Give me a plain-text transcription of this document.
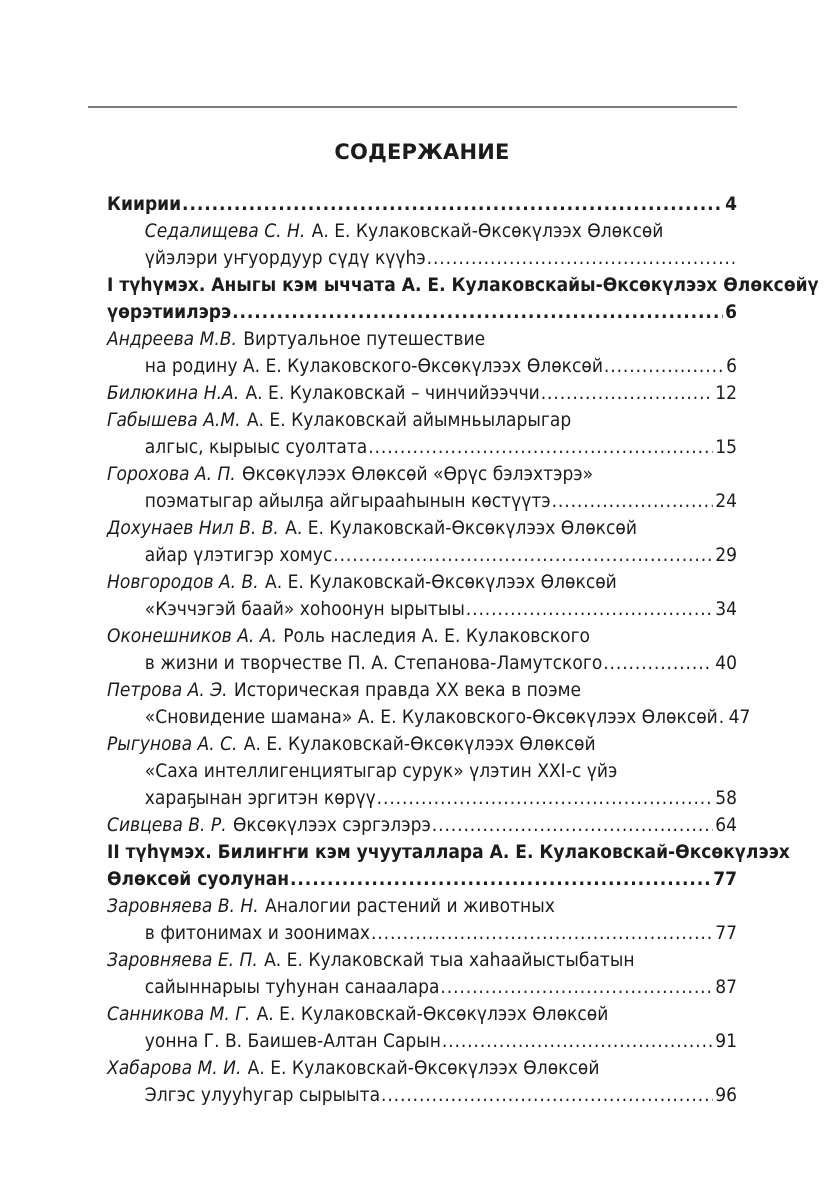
СОДЕРЖАНИЕ
Киирии .....	4
Седалищева С. Н. А. Е. Кулаковскай-Өксөкүлээх Өлөксөй
үйэлэри уҥуордуур сүдү күүһэ
.....
I түһүмэх. Аныгы кэм ыччата А. Е. Кулаковскайы-Өксөкүлээх Өлөксөйү
үөрэтиилэрэ .....	6
Андреева М.В. Виртуальное путешествие
на родину А. Е. Кулаковского-Өксөкүлээх Өлөксөй .....	6
Билюкина Н.А. А. Е. Кулаковскай – чинчийээччи .....	12
Габышева А.М. А. Е. Кулаковскай айымньыларыгар
алгыс, кырыыс суолтата .....	15
Горохова А. П. Өксөкүлээх Өлөксөй «Өрүс бэлэхтэрэ»
поэматыгар айылҕа айгырааһынын көстүүтэ .....	24
Дохунаев Нил В. В. А. Е. Кулаковскай-Өксөкүлээх Өлөксөй
айар үлэтигэр хомус .....	29
Новгородов А. В. А. Е. Кулаковскай-Өксөкүлээх Өлөксөй
«Кэччэгэй баай» хоһоонун ырытыы .....	34
Оконешников А. А. Роль наследия А. Е. Кулаковского
в жизни и творчестве П. А. Степанова-Ламутского .....	40
Петрова А. Э. Историческая правда XX века в поэме
«Сновидение шамана» А. Е. Кулаковского-Өксөкүлээх Өлөксөй ..... 47
Рыгунова А. С. А. Е. Кулаковскай-Өксөкүлээх Өлөксөй
«Саха интеллигенциятыгар сурук» үлэтин XXI-с үйэ
хараҕынан эргитэн көрүү .....	58
Сивцева В. Р. Өксөкүлээх сэргэлэрэ .....	64
II түһүмэх. Билиҥҥи кэм учууталлара А. Е. Кулаковскай-Өксөкүлээх
Өлөксөй суолунан .....	77
Заровняева В. Н. Аналогии растений и животных
в фитонимах и зоонимах .....	77
Заровняева Е. П. А. Е. Кулаковскай тыа хаһаайыстыбатын
сайыннарыы туһунан санаалара .....	87
Санникова М. Г. А. Е. Кулаковскай-Өксөкүлээх Өлөксөй
уонна Г. В. Баишев-Алтан Сарын .....	91
Хабарова М. И. А. Е. Кулаковскай-Өксөкүлээх Өлөксөй
Элгэс улууһугар сырыыта .....	96
